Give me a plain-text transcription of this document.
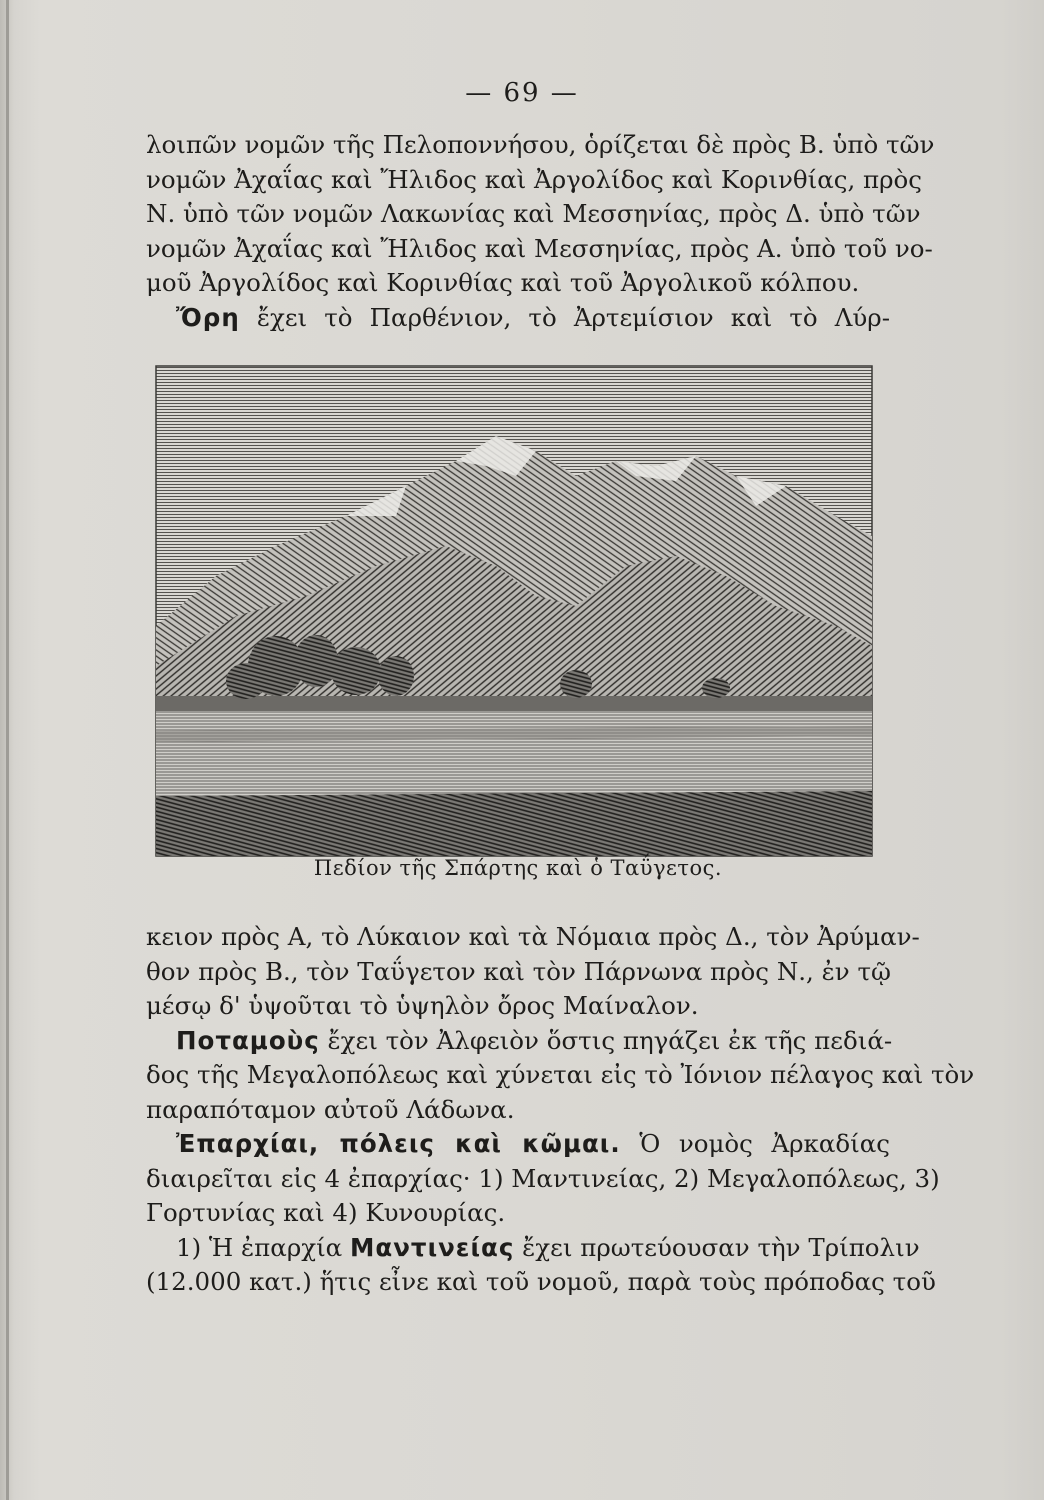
— 69 —

λοιπῶν νομῶν τῆς Πελοποννήσου, ὁρίζεται δὲ πρὸς Β. ὑπὸ τῶν
νομῶν Ἀχαΐας καὶ Ἤλιδος καὶ Ἀργολίδος καὶ Κορινθίας, πρὸς
Ν. ὑπὸ τῶν νομῶν Λακωνίας καὶ Μεσσηνίας, πρὸς Δ. ὑπὸ τῶν
νομῶν Ἀχαΐας καὶ Ἤλιδος καὶ Μεσσηνίας, πρὸς Α. ὑπὸ τοῦ νο-
μοῦ Ἀργολίδος καὶ Κορινθίας καὶ τοῦ Ἀργολικοῦ κόλπου.

Ὄρη ἔχει τὸ Παρθένιον, τὸ Ἀρτεμίσιον καὶ τὸ Λύρ-

Πεδίον τῆς Σπάρτης καὶ ὁ Ταΰγετος.

κειον πρὸς Α, τὸ Λύκαιον καὶ τὰ Νόμαια πρὸς Δ., τὸν Ἀρύμαν-
θον πρὸς Β., τὸν Ταΰγετον καὶ τὸν Πάρνωνα πρὸς Ν., ἐν τῷ
μέσῳ δ' ὑψοῦται τὸ ὑψηλὸν ὄρος Μαίναλον.

Ποταμοὺς ἔχει τὸν Ἀλφειὸν ὅστις πηγάζει ἐκ τῆς πεδιά-
δος τῆς Μεγαλοπόλεως καὶ χύνεται εἰς τὸ Ἰόνιον πέλαγος καὶ τὸν
παραπόταμον αὐτοῦ Λάδωνα.

Ἐπαρχίαι, πόλεις καὶ κῶμαι. Ὁ νομὸς Ἀρκαδίας
διαιρεῖται εἰς 4 ἐπαρχίας· 1) Μαντινείας, 2) Μεγαλοπόλεως, 3)
Γορτυνίας καὶ 4) Κυνουρίας.

1) Ἡ ἐπαρχία Μαντινείας ἔχει πρωτεύουσαν τὴν Τρίπολιν
(12.000 κατ.) ἥτις εἶνε καὶ τοῦ νομοῦ, παρὰ τοὺς πρόποδας τοῦ
